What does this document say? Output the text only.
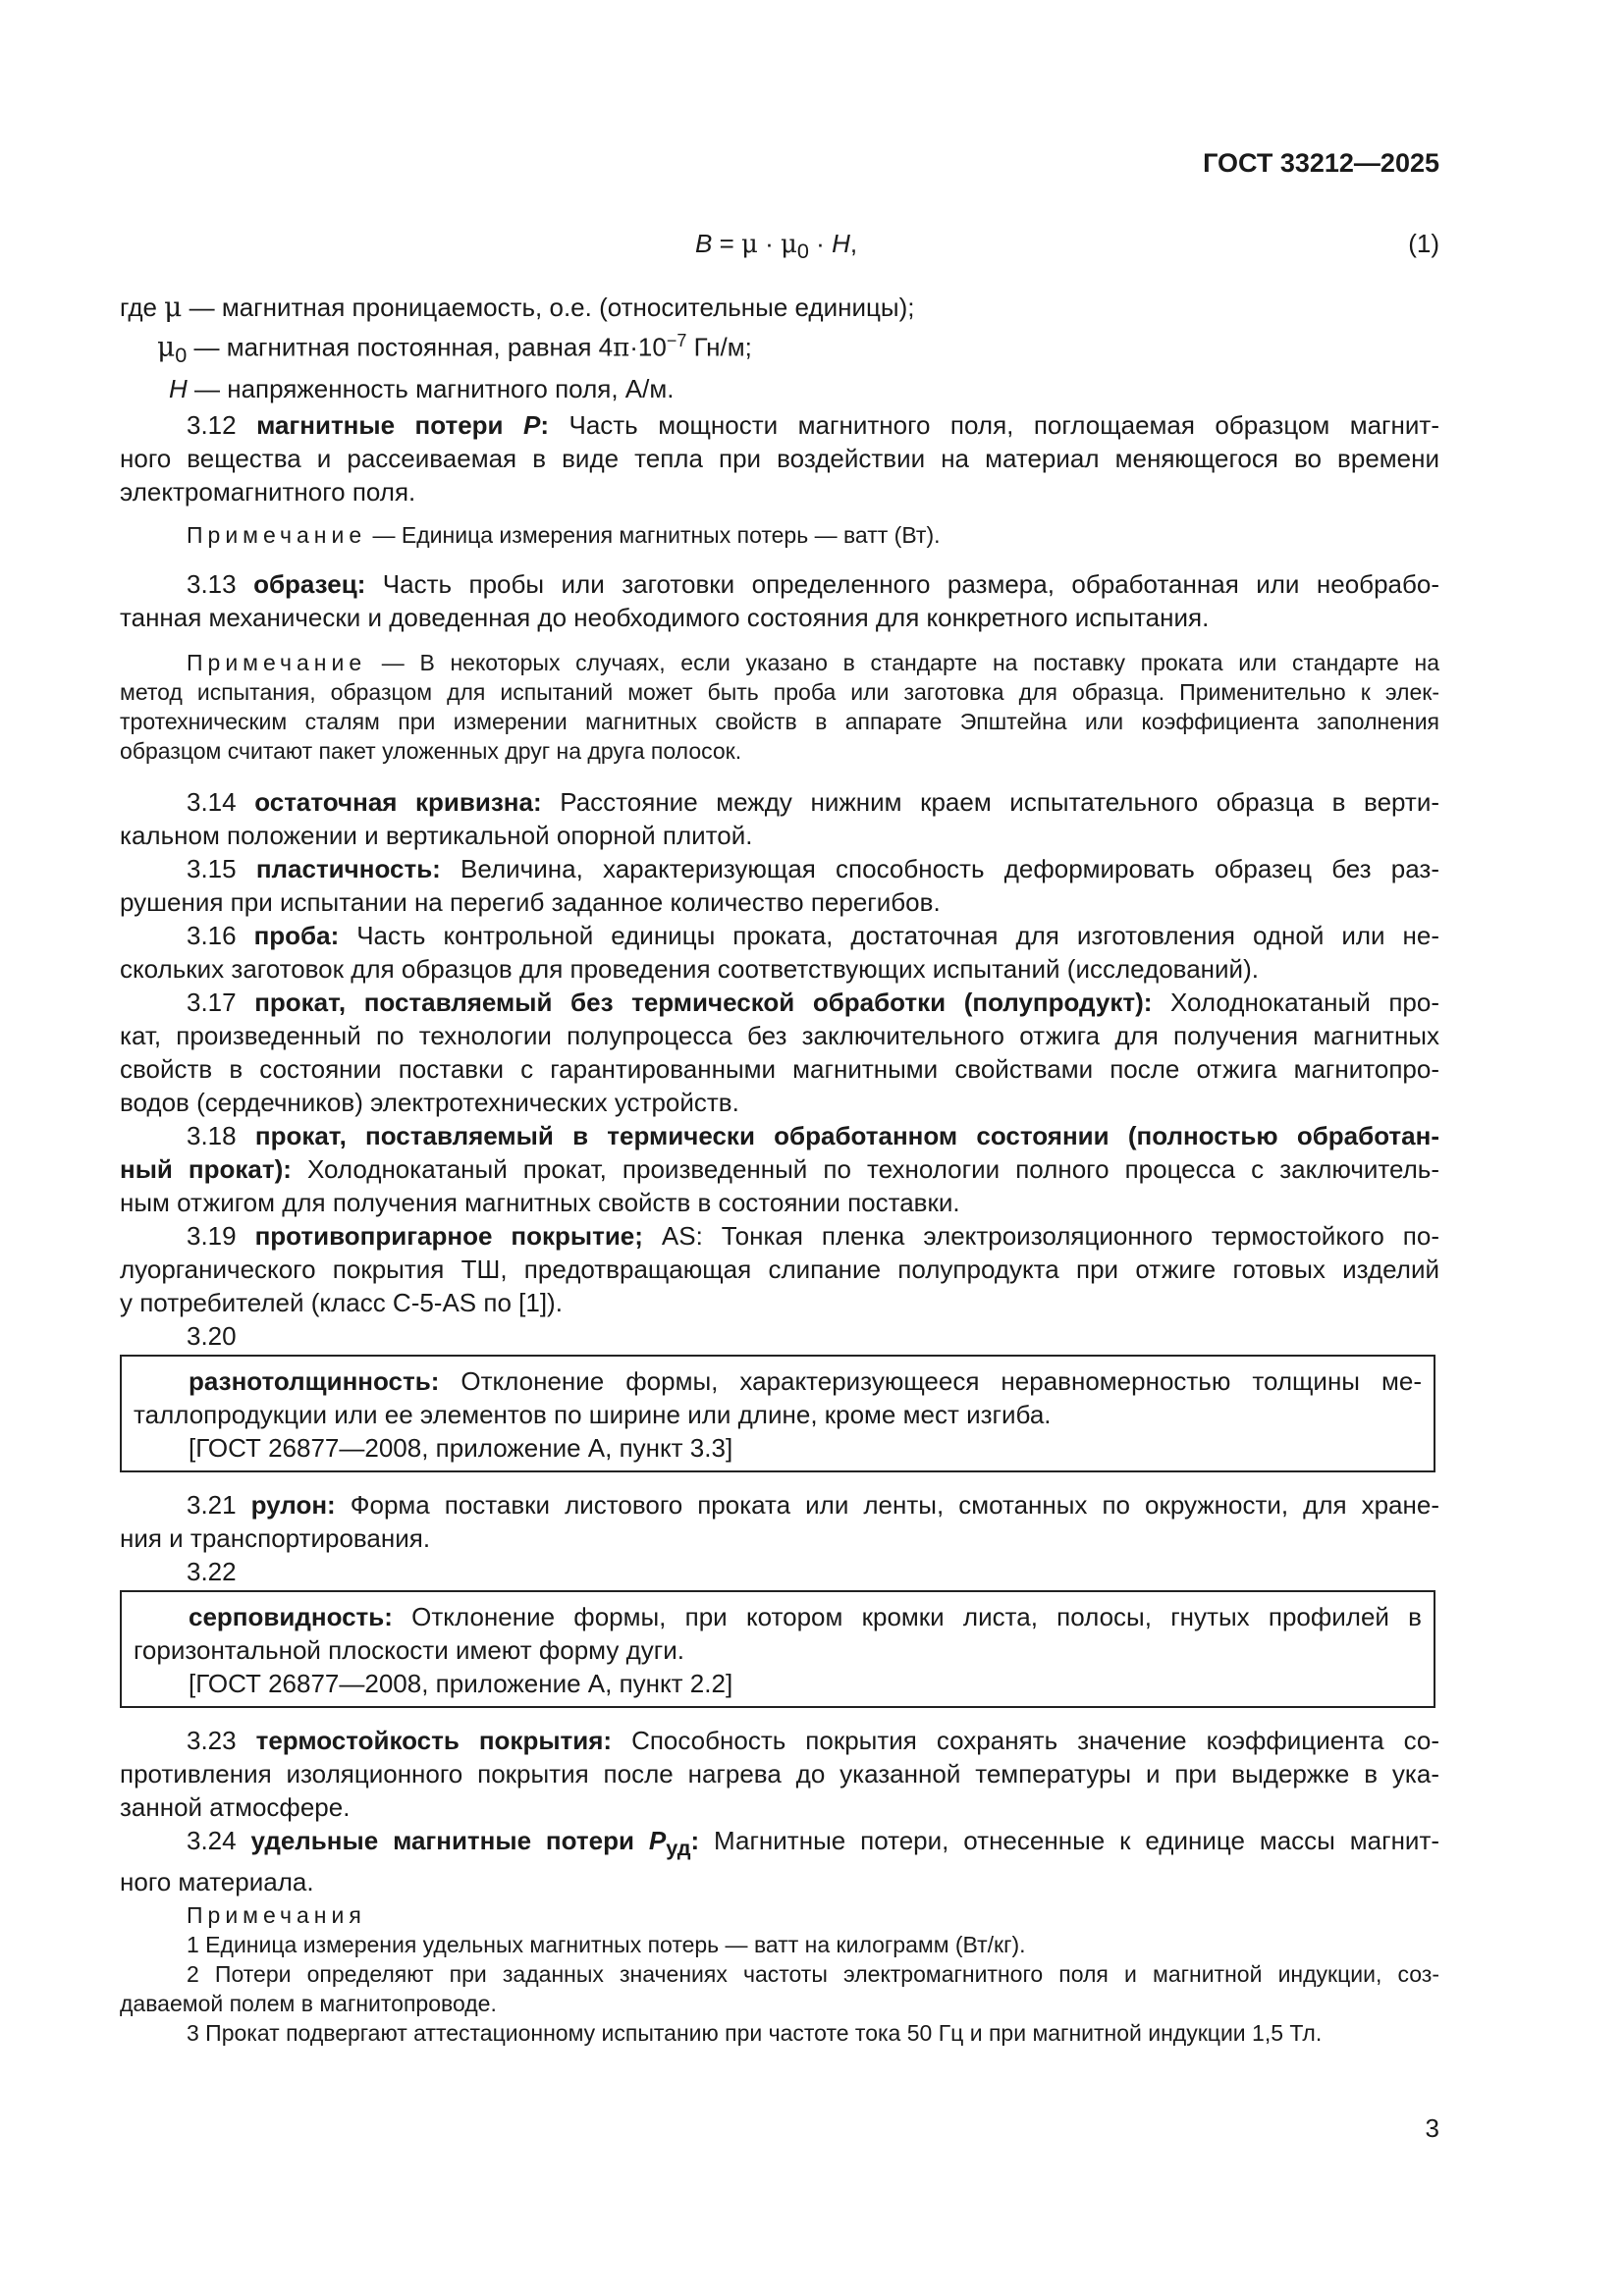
ГОСТ 33212—2025
$B = \mu \cdot \mu_0 \cdot H$,	(1)

где μ — магнитная проницаемость, о.е. (относительные единицы);

$\mu_0$ — магнитная постоянная, равная $4\pi\cdot 10^{-7}$ Гн/м;

H — напряженность магнитного поля, А/м.

3.12 магнитные потери P: Часть мощности магнитного поля, поглощаемая образцом магнит-

ного вещества и рассеиваемая в виде тепла при воздействии на материал меняющегося во времени

электромагнитного поля.

Примечание — Единица измерения магнитных потерь — ватт (Вт).

3.13 образец: Часть пробы или заготовки определенного размера, обработанная или необрабо-

танная механически и доведенная до необходимого состояния для конкретного испытания.

Примечание — В некоторых случаях, если указано в стандарте на поставку проката или стандарте на

метод испытания, образцом для испытаний может быть проба или заготовка для образца. Применительно к элек-

тротехническим сталям при измерении магнитных свойств в аппарате Эпштейна или коэффициента заполнения

образцом считают пакет уложенных друг на друга полосок.

3.14 остаточная кривизна: Расстояние между нижним краем испытательного образца в верти-

кальном положении и вертикальной опорной плитой.

3.15 пластичность: Величина, характеризующая способность деформировать образец без раз-

рушения при испытании на перегиб заданное количество перегибов.

3.16 проба: Часть контрольной единицы проката, достаточная для изготовления одной или не-

скольких заготовок для образцов для проведения соответствующих испытаний (исследований).

3.17 прокат, поставляемый без термической обработки (полупродукт): Холоднокатаный про-

кат, произведенный по технологии полупроцесса без заключительного отжига для получения магнитных

свойств в состоянии поставки с гарантированными магнитными свойствами после отжига магнитопро-

водов (сердечников) электротехнических устройств.

3.18 прокат, поставляемый в термически обработанном состоянии (полностью обработан-

ный прокат): Холоднокатаный прокат, произведенный по технологии полного процесса с заключитель-

ным отжигом для получения магнитных свойств в состоянии поставки.

3.19 противопригарное покрытие; AS: Тонкая пленка электроизоляционного термостойкого по-

луорганического покрытия ТШ, предотвращающая слипание полупродукта при отжиге готовых изделий

у потребителей (класс С-5-AS по [1]).

3.20

разнотолщинность: Отклонение формы, характеризующееся неравномерностью толщины ме-

таллопродукции или ее элементов по ширине или длине, кроме мест изгиба.

[ГОСТ 26877—2008, приложение А, пункт 3.3]

3.21 рулон: Форма поставки листового проката или ленты, смотанных по окружности, для хране-

ния и транспортирования.

3.22

серповидность: Отклонение формы, при котором кромки листа, полосы, гнутых профилей в

горизонтальной плоскости имеют форму дуги.

[ГОСТ 26877—2008, приложение А, пункт 2.2]

3.23 термостойкость покрытия: Способность покрытия сохранять значение коэффициента со-

противления изоляционного покрытия после нагрева до указанной температуры и при выдержке в ука-

занной атмосфере.

3.24 удельные магнитные потери $P_{уд}$: Магнитные потери, отнесенные к единице массы магнит-

ного материала.

Примечания

1 Единица измерения удельных магнитных потерь — ватт на килограмм (Вт/кг).

2 Потери определяют при заданных значениях частоты электромагнитного поля и магнитной индукции, соз-

даваемой полем в магнитопроводе.

3 Прокат подвергают аттестационному испытанию при частоте тока 50 Гц и при магнитной индукции 1,5 Тл.

3
